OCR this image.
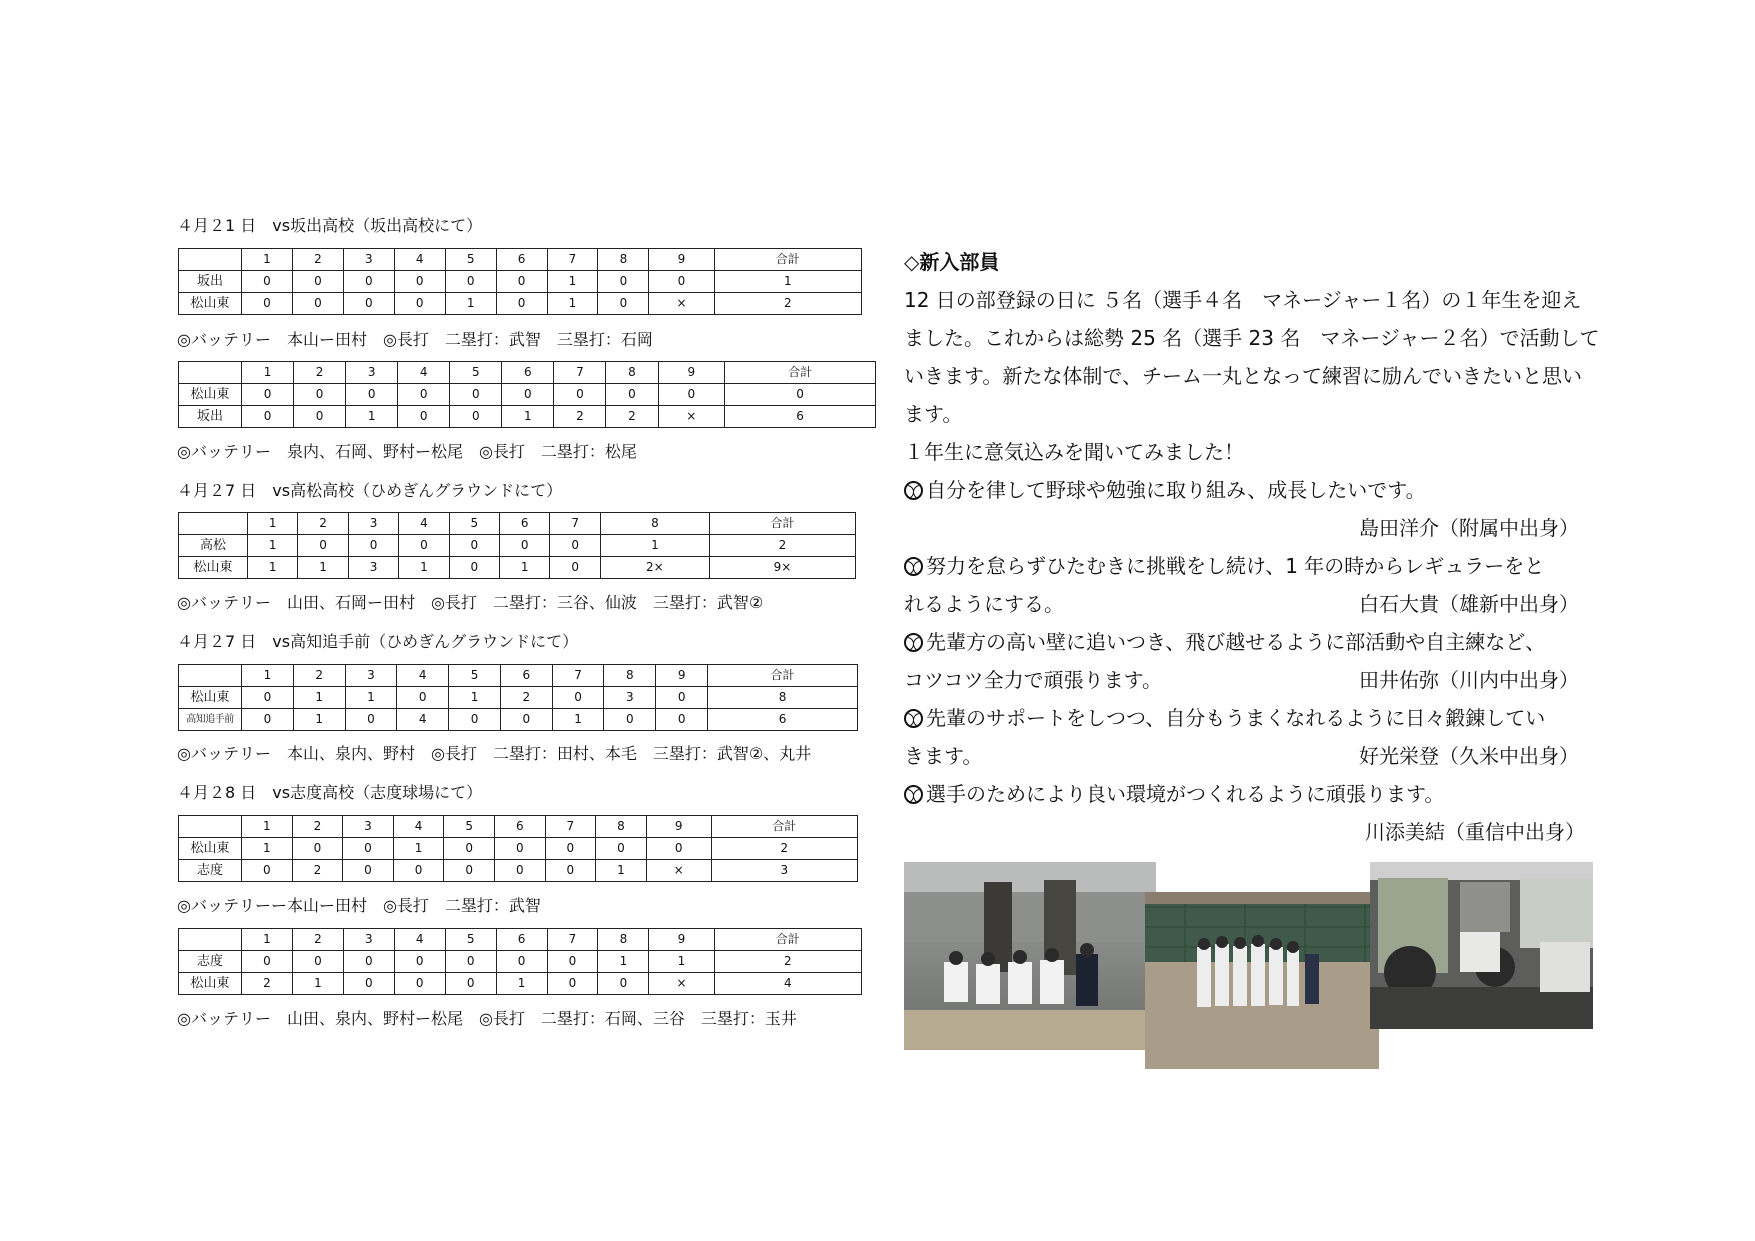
４月２1 日　vs坂出高校（坂出高校にて）
	1	2	3	4	5	6	7	8	9	合計
坂出	0	0	0	0	0	0	1	0	0	1
松山東	0	0	0	0	1	0	1	0	×	2
◎バッテリー　本山ー田村　◎長打　二塁打：武智　三塁打：石岡
	1	2	3	4	5	6	7	8	9	合計
松山東	0	0	0	0	0	0	0	0	0	0
坂出	0	0	1	0	0	1	2	2	×	6
◎バッテリー　泉内、石岡、野村ー松尾　◎長打　二塁打：松尾
４月２7 日　vs高松高校（ひめぎんグラウンドにて）
	1	2	3	4	5	6	7	8	合計
高松	1	0	0	0	0	0	0	1	2
松山東	1	1	3	1	0	1	0	2×	9×
◎バッテリー　山田、石岡ー田村　◎長打　二塁打：三谷、仙波　三塁打：武智②
４月２7 日　vs高知追手前（ひめぎんグラウンドにて）
	1	2	3	4	5	6	7	8	9	合計
松山東	0	1	1	0	1	2	0	3	0	8
高知追手前	0	1	0	4	0	0	1	0	0	6
◎バッテリー　本山、泉内、野村　◎長打　二塁打：田村、本毛　三塁打：武智②、丸井
４月２8 日　vs志度高校（志度球場にて）
	1	2	3	4	5	6	7	8	9	合計
松山東	1	0	0	1	0	0	0	0	0	2
志度	0	2	0	0	0	0	0	1	×	3
◎バッテリーー本山ー田村　◎長打　二塁打：武智
	1	2	3	4	5	6	7	8	9	合計
志度	0	0	0	0	0	0	0	1	1	2
松山東	2	1	0	0	0	1	0	0	×	4
◎バッテリー　山田、泉内、野村ー松尾　◎長打　二塁打：石岡、三谷　三塁打：玉井
◇新入部員
12 日の部登録の日に ５名（選手４名　マネージャー１名）の１年生を迎え
ました。これからは総勢 25 名（選手 23 名　マネージャー２名）で活動して
いきます。新たな体制で、チーム一丸となって練習に励んでいきたいと思い
ます。
１年生に意気込みを聞いてみました！
自分を律して野球や勉強に取り組み、成長したいです。
島田洋介（附属中出身）
努力を怠らずひたむきに挑戦をし続け、1 年の時からレギュラーをと
れるようにする。	白石大貴（雄新中出身）
先輩方の高い壁に追いつき、飛び越せるように部活動や自主練など、
コツコツ全力で頑張ります。	田井佑弥（川内中出身）
先輩のサポートをしつつ、自分もうまくなれるように日々鍛錬してい
きます。	好光栄登（久米中出身）
選手のためにより良い環境がつくれるように頑張ります。
川添美結（重信中出身）
